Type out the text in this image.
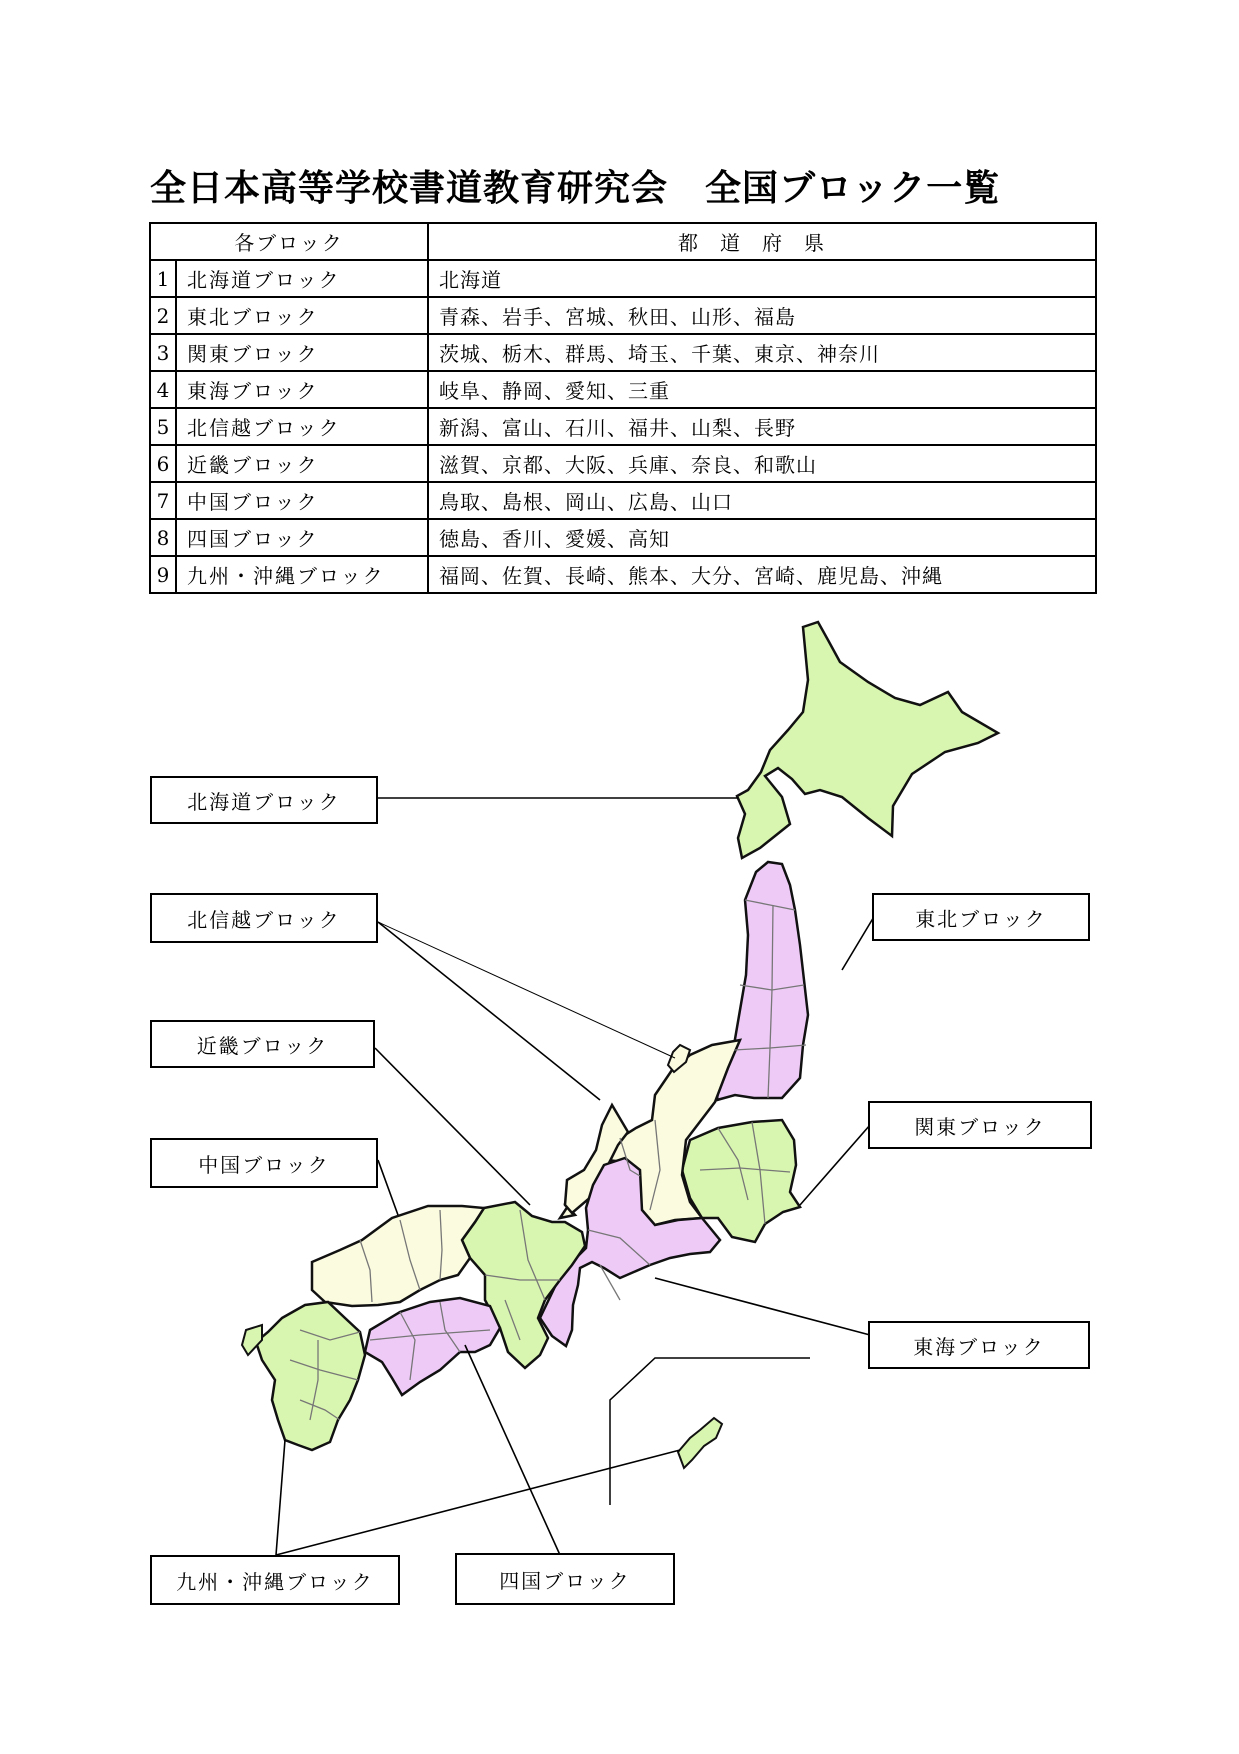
全日本高等学校書道教育研究会　全国ブロック一覧
各ブロック		都道府県
1	北海道ブロック	北海道
2	東北ブロック	青森、岩手、宮城、秋田、山形、福島
3	関東ブロック	茨城、栃木、群馬、埼玉、千葉、東京、神奈川
4	東海ブロック	岐阜、静岡、愛知、三重
5	北信越ブロック	新潟、富山、石川、福井、山梨、長野
6	近畿ブロック	滋賀、京都、大阪、兵庫、奈良、和歌山
7	中国ブロック	鳥取、島根、岡山、広島、山口
8	四国ブロック	徳島、香川、愛媛、高知
9	九州・沖縄ブロック	福岡、佐賀、長崎、熊本、大分、宮崎、鹿児島、沖縄
北海道ブロック
北信越ブロック
近畿ブロック
中国ブロック
九州・沖縄ブロック	四国ブロック
東北ブロック
関東ブロック
東海ブロック
